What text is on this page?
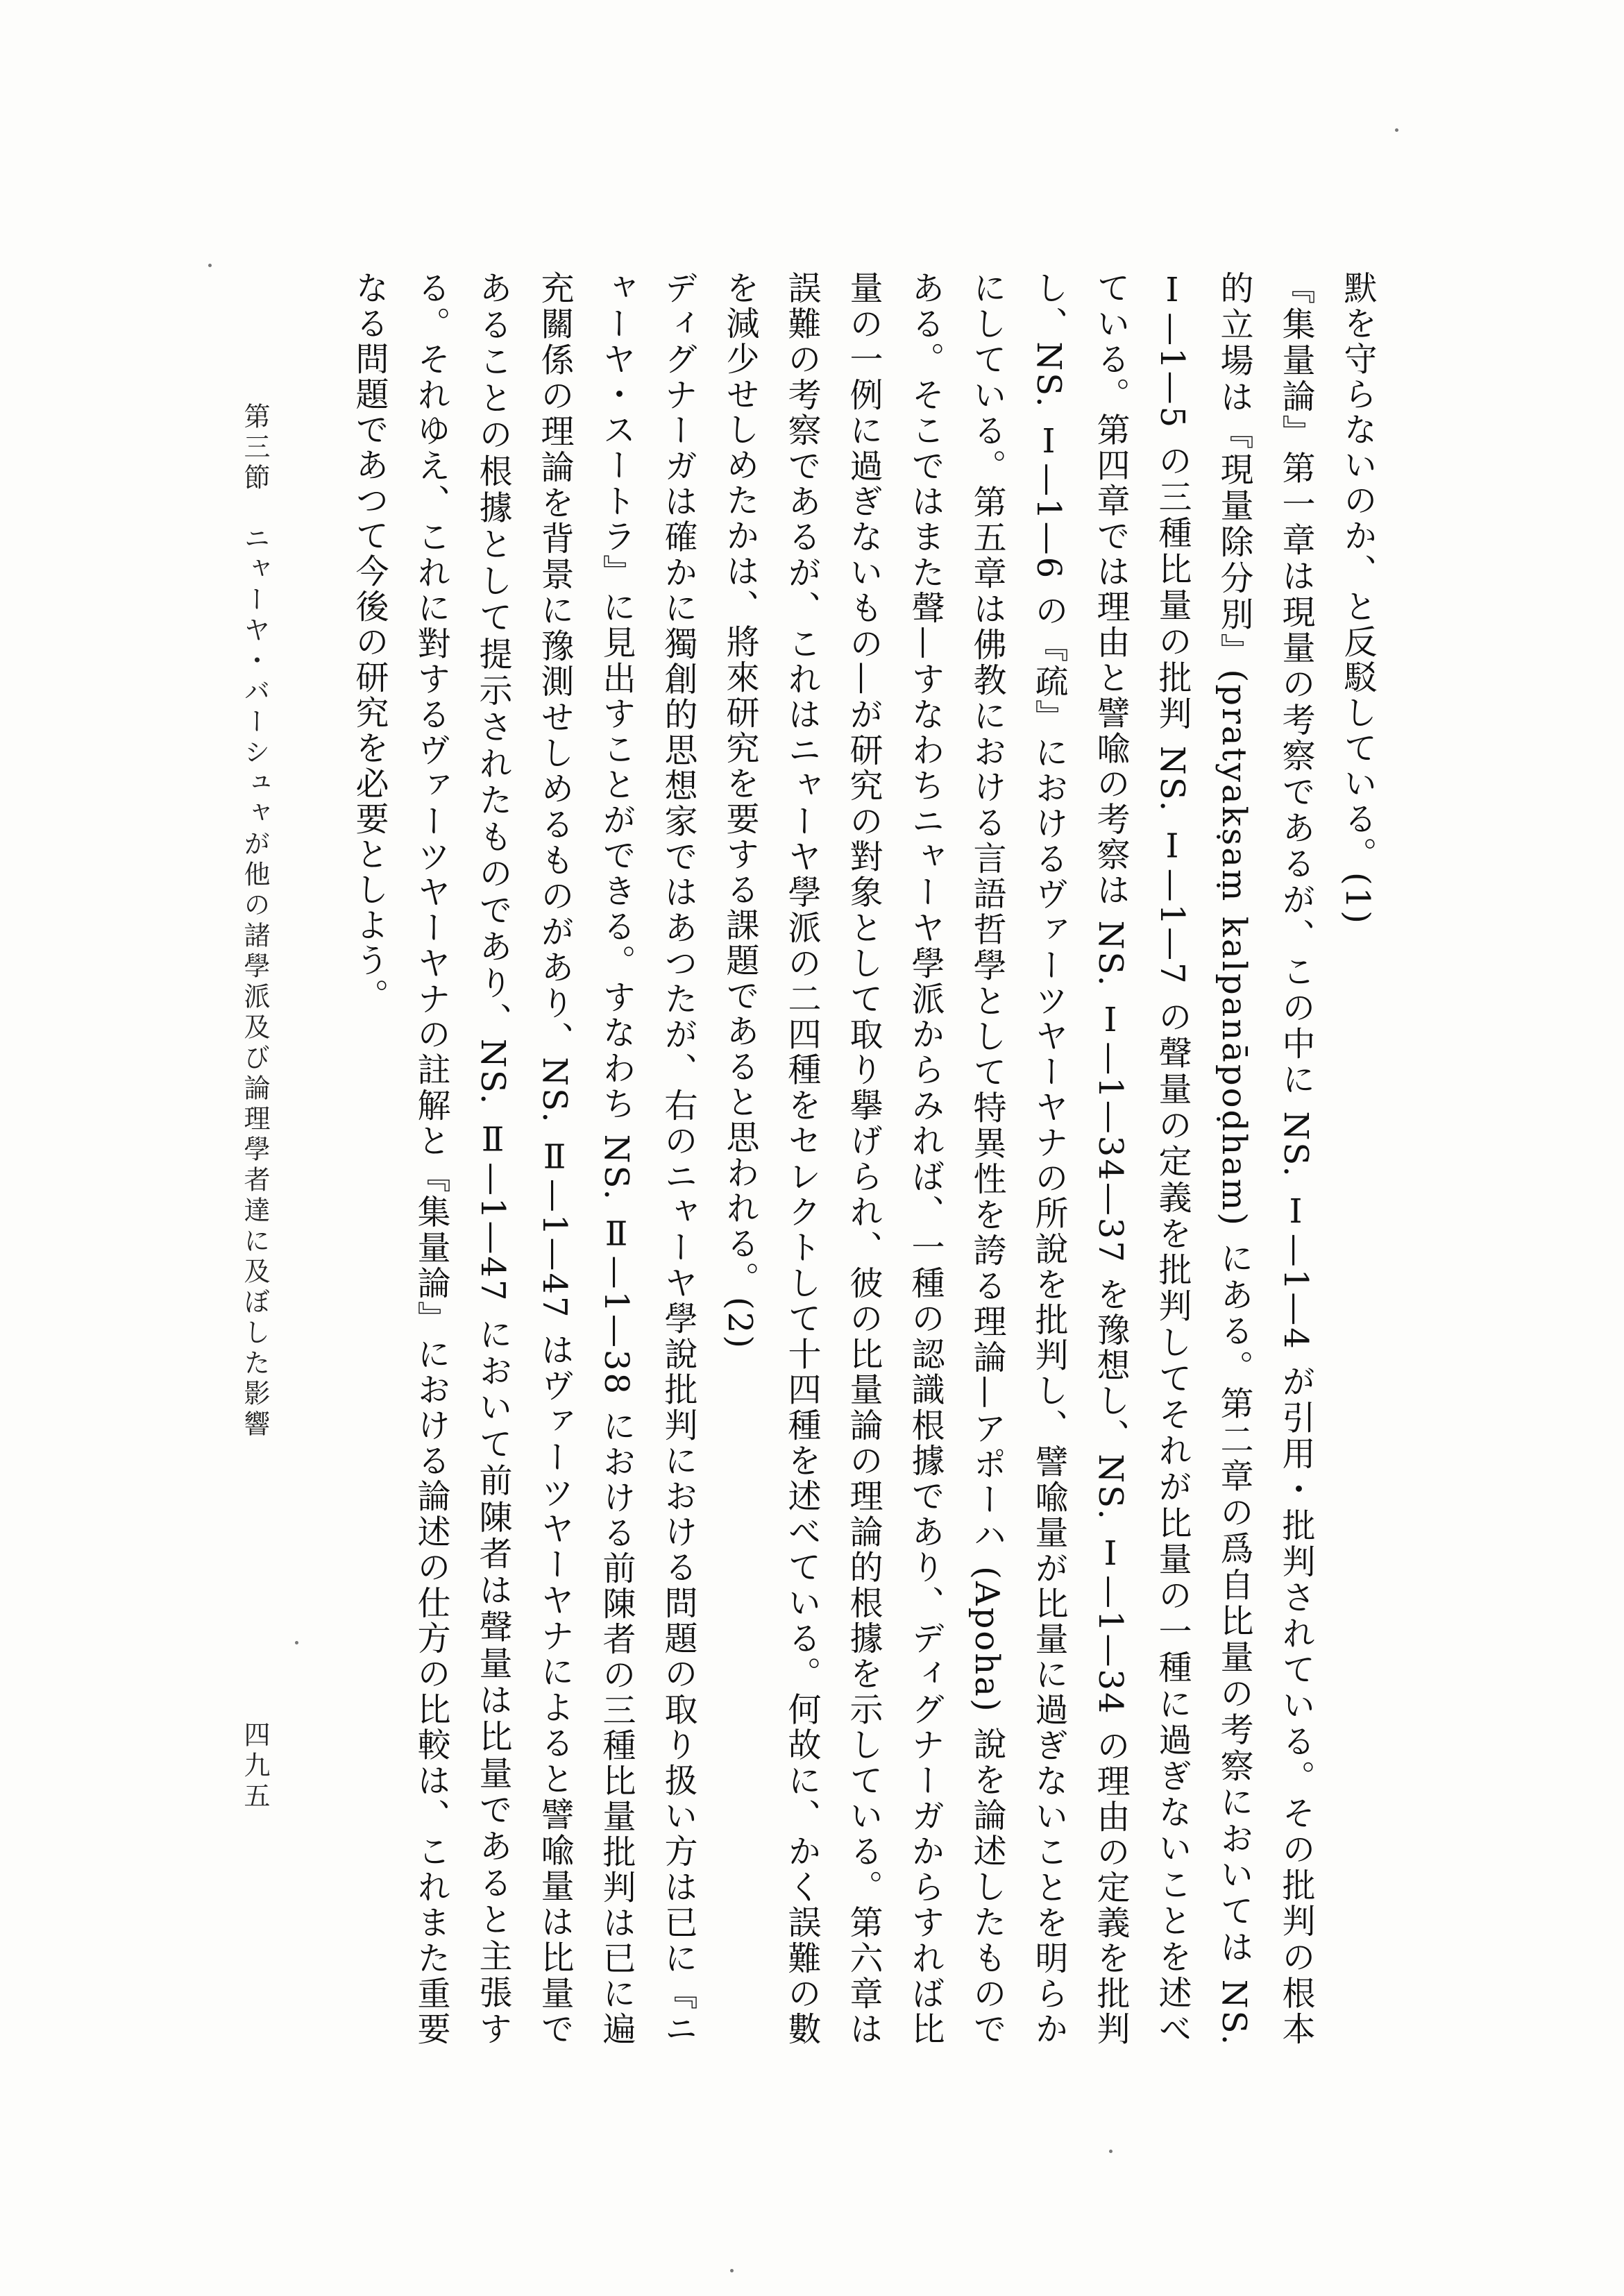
默を守らないのか、と反駁している。(1)

『集量論』第一章は現量の考察であるが、この中に NS. Ⅰ—1—4 が引用・批判されている。その批判の根本的立場は『現量除分別』(pratyakṣaṃ kalpanāpoḍham) にある。第二章の爲自比量の考察においては NS. Ⅰ—1—5 の三種比量の批判 NS. Ⅰ—1—7 の聲量の定義を批判してそれが比量の一種に過ぎないことを述べている。第四章では理由と譬喩の考察は NS. Ⅰ—1—34—37 を豫想し、NS. Ⅰ—1—34 の理由の定義を批判し、NS. Ⅰ—1—6 の『疏』におけるヴァーツヤーヤナの所說を批判し、譬喩量が比量に過ぎないことを明らかにしている。第五章は佛教における言語哲學として特異性を誇る理論—アポーハ (Apoha) 說を論述したものである。そこではまた聲—すなわちニャーヤ學派からみれば、一種の認識根據であり、ディグナーガからすれば比量の一例に過ぎないもの—が研究の對象として取り擧げられ、彼の比量論の理論的根據を示している。第六章は誤難の考察であるが、これはニャーヤ學派の二四種をセレクトして十四種を述べている。何故に、かく誤難の數を減少せしめたかは、將來研究を要する課題であると思われる。(2)

ディグナーガは確かに獨創的思想家ではあつたが、右のニャーヤ學說批判における問題の取り扱い方は已に『ニャーヤ・スートラ』に見出すことができる。すなわち NS. Ⅱ—1—38 における前陳者の三種比量批判は已に遍充關係の理論を背景に豫測せしめるものがあり、NS. Ⅱ—1—47 はヴァーツヤーヤナによると譬喩量は比量であることの根據として提示されたものであり、NS. Ⅱ—1—47 において前陳者は聲量は比量であると主張する。それゆえ、これに對するヴァーツヤーヤナの註解と『集量論』における論述の仕方の比較は、これまた重要なる問題であつて今後の研究を必要としよう。

第三節　ニャーヤ・バーシュャが他の諸學派及び論理學者達に及ぼした影響
四九五
